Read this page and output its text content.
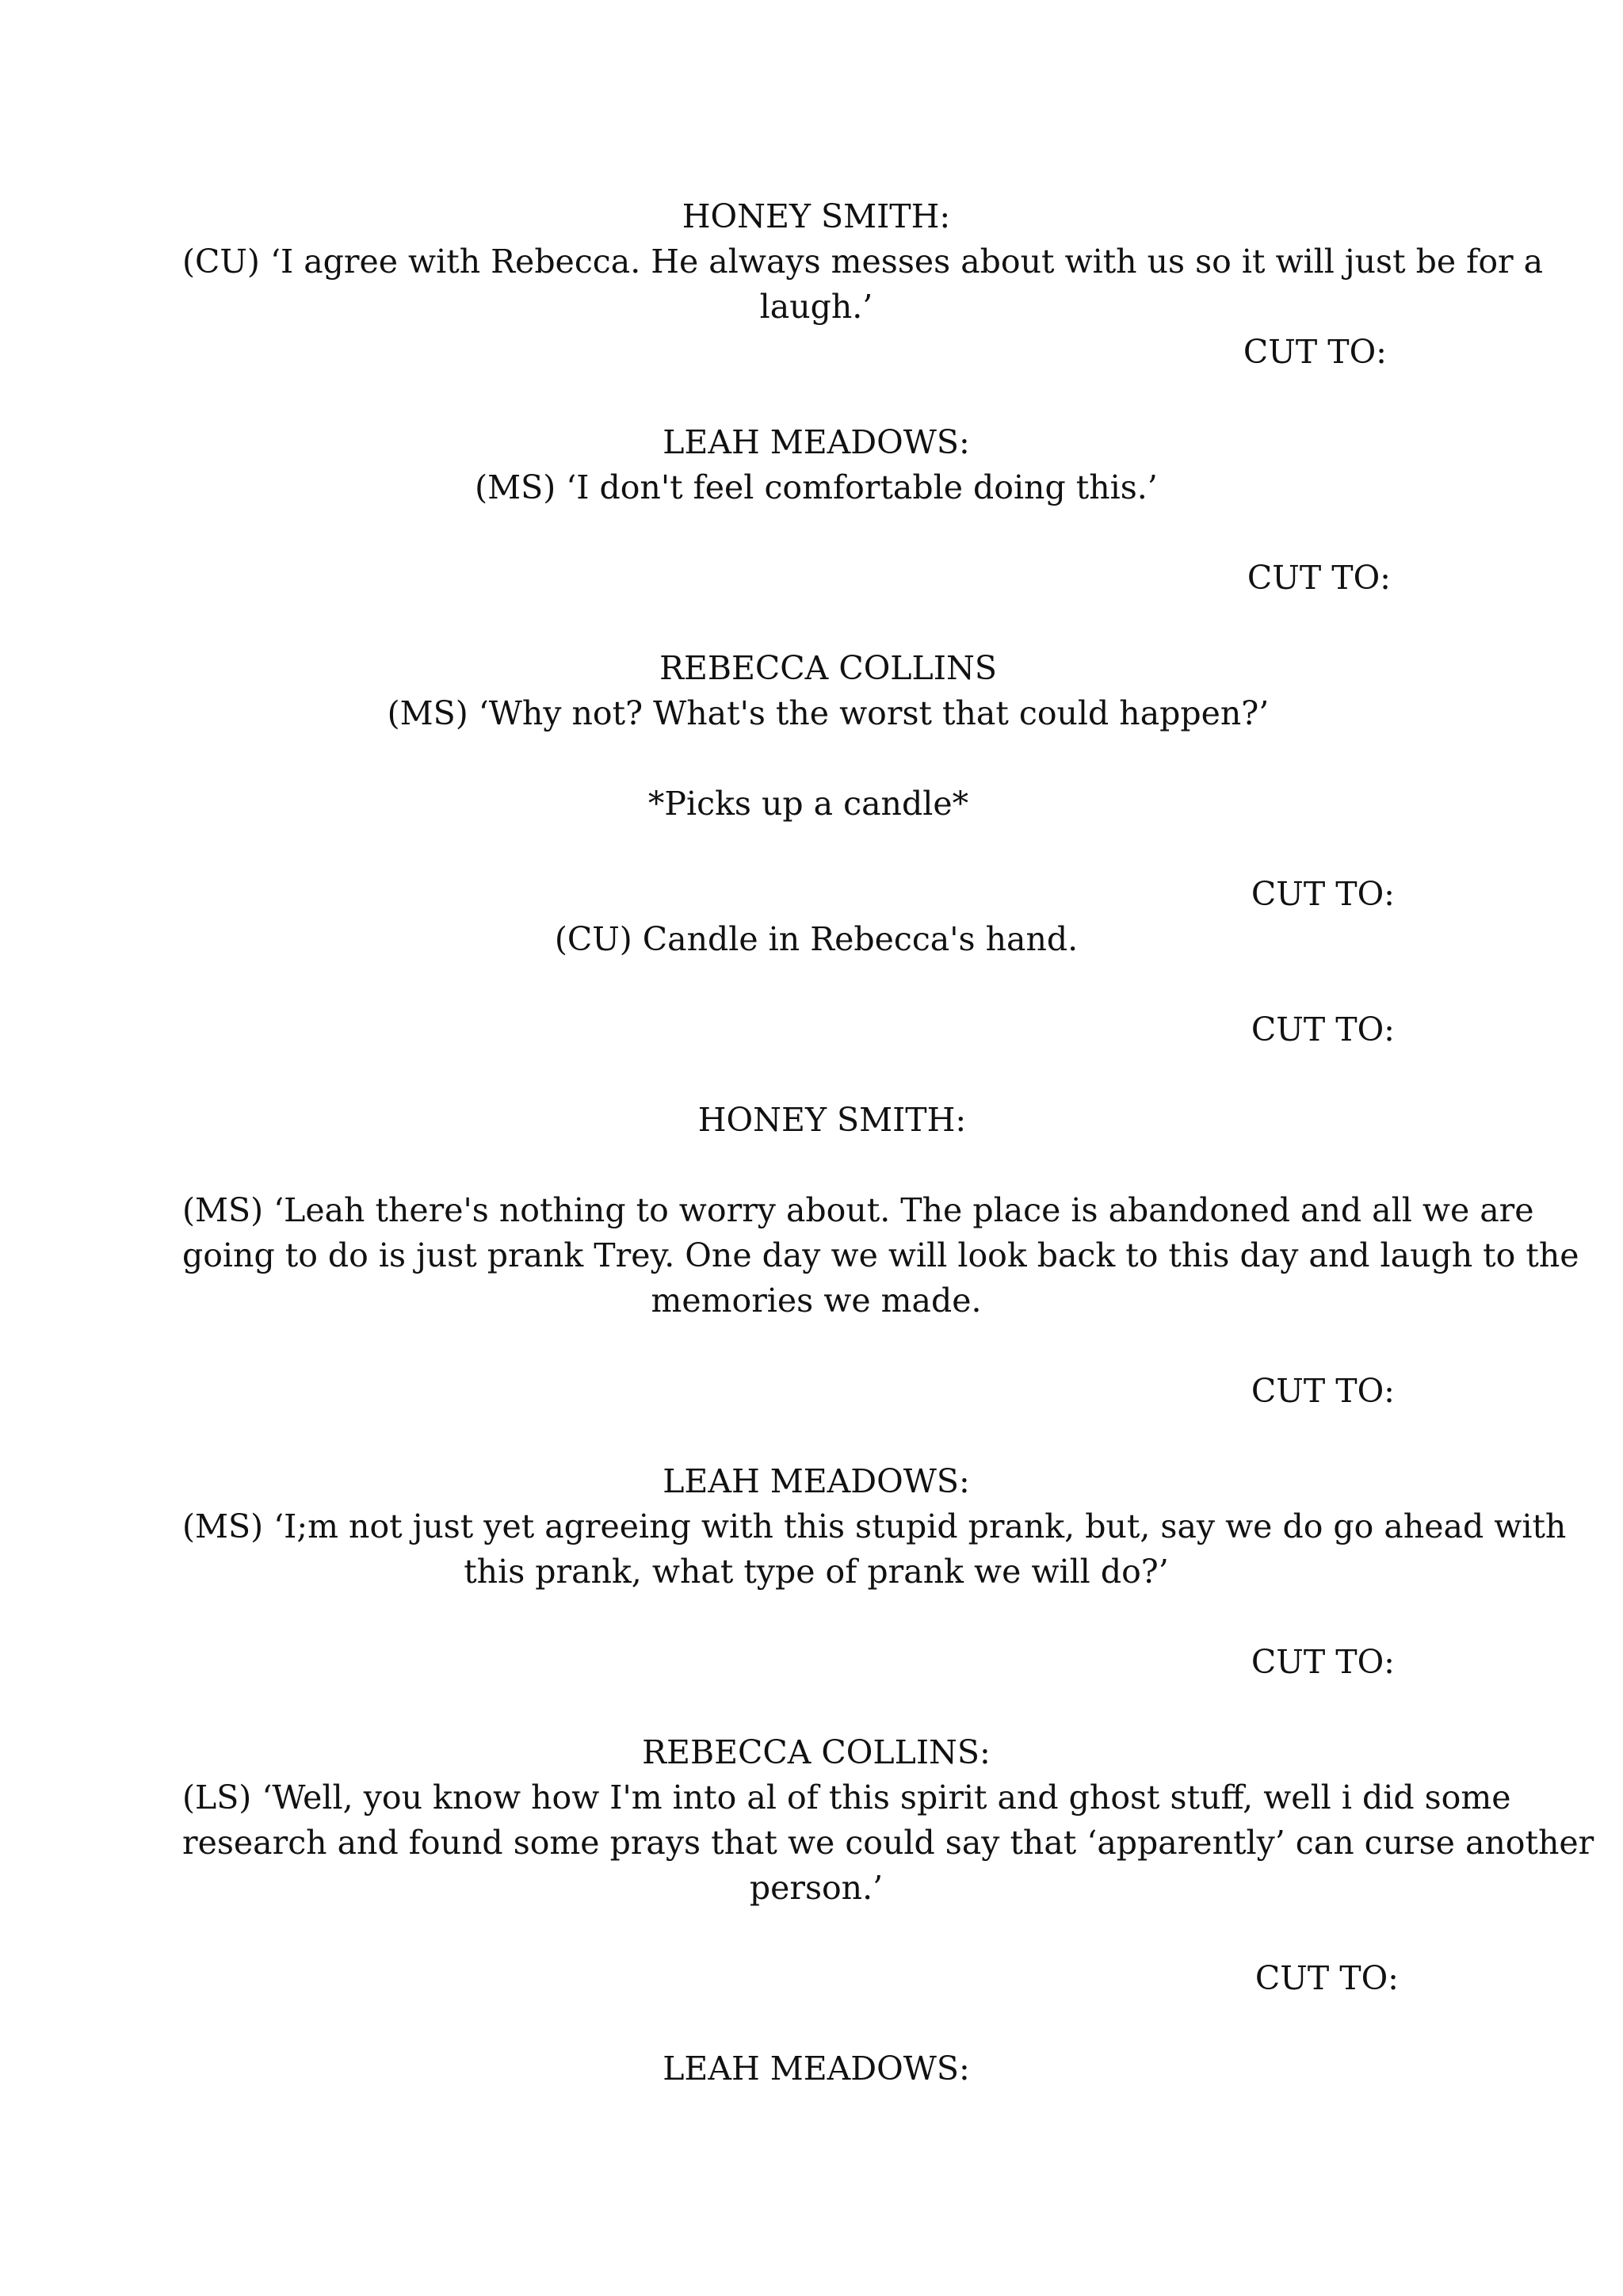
HONEY SMITH:

(CU) ‘I agree with Rebecca. He always messes about with us so it will just be for a

laugh.’

CUT TO:

LEAH MEADOWS:

(MS) ‘I don't feel comfortable doing this.’

CUT TO:

REBECCA COLLINS

(MS) ‘Why not? What's the worst that could happen?’

*Picks up a candle*

CUT TO:

(CU) Candle in Rebecca's hand.

CUT TO:

HONEY SMITH:

(MS) ‘Leah there's nothing to worry about. The place is abandoned and all we are

going to do is just prank Trey. One day we will look back to this day and laugh to the

memories we made.

CUT TO:

LEAH MEADOWS:

(MS) ‘I;m not just yet agreeing with this stupid prank, but, say we do go ahead with

this prank, what type of prank we will do?’

CUT TO:

REBECCA COLLINS:

(LS) ‘Well, you know how I'm into al of this spirit and ghost stuff, well i did some

research and found some prays that we could say that ‘apparently’ can curse another

person.’

CUT TO:

LEAH MEADOWS:
